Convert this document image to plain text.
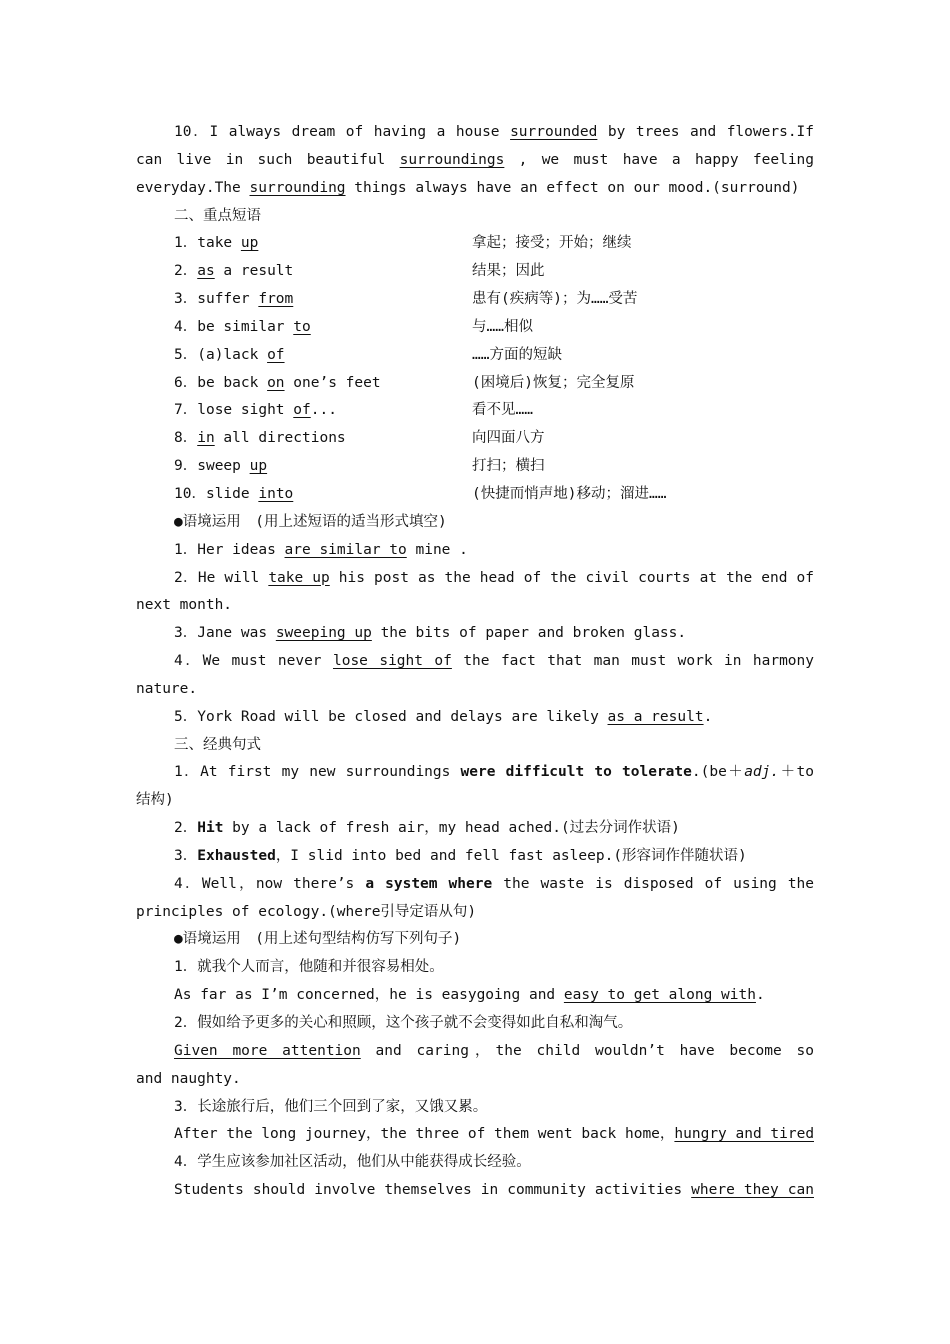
10．I always dream of having a house surrounded by trees and flowers.If
can live in such beautiful surroundings , we must have a happy feeling
everyday.The surrounding things always have an effect on our mood.(surround)
二、重点短语
1．take up	拿起；接受；开始；继续
2．as a result	结果；因此
3．suffer from	患有(疾病等)；为……受苦
4．be similar to	与……相似
5．(a)lack of	……方面的短缺
6．be back on one’s feet	(困境后)恢复；完全复原
7．lose sight of...	看不见……
8．in all directions	向四面八方
9．sweep up	打扫；横扫
10．slide into	(快捷而悄声地)移动；溜进……
●语境运用　(用上述短语的适当形式填空)
1．Her ideas are similar to mine .
2．He will take up his post as the head of the civil courts at the end of
next month.
3．Jane was sweeping up the bits of paper and broken glass.
4．We must never lose sight of the fact that man must work in harmony
nature.
5．York Road will be closed and delays are likely as a result.
三、经典句式
1．At first my new surroundings were difficult to tolerate.(be＋adj.＋to
结构)
2．Hit by a lack of fresh air，my head ached.(过去分词作状语)
3．Exhausted，I slid into bed and fell fast asleep.(形容词作伴随状语)
4．Well，now there’s a system where the waste is disposed of using the
principles of ecology.(where引导定语从句)
●语境运用　(用上述句型结构仿写下列句子)
1．就我个人而言，他随和并很容易相处。
As far as I’m concerned，he is easygoing and easy to get along with.
2．假如给予更多的关心和照顾，这个孩子就不会变得如此自私和淘气。
Given more attention and caring，the child wouldn’t have become so
and naughty.
3．长途旅行后，他们三个回到了家，又饿又累。
After the long journey，the three of them went back home，hungry and tired
4．学生应该参加社区活动，他们从中能获得成长经验。
Students should involve themselves in community activities where they can
